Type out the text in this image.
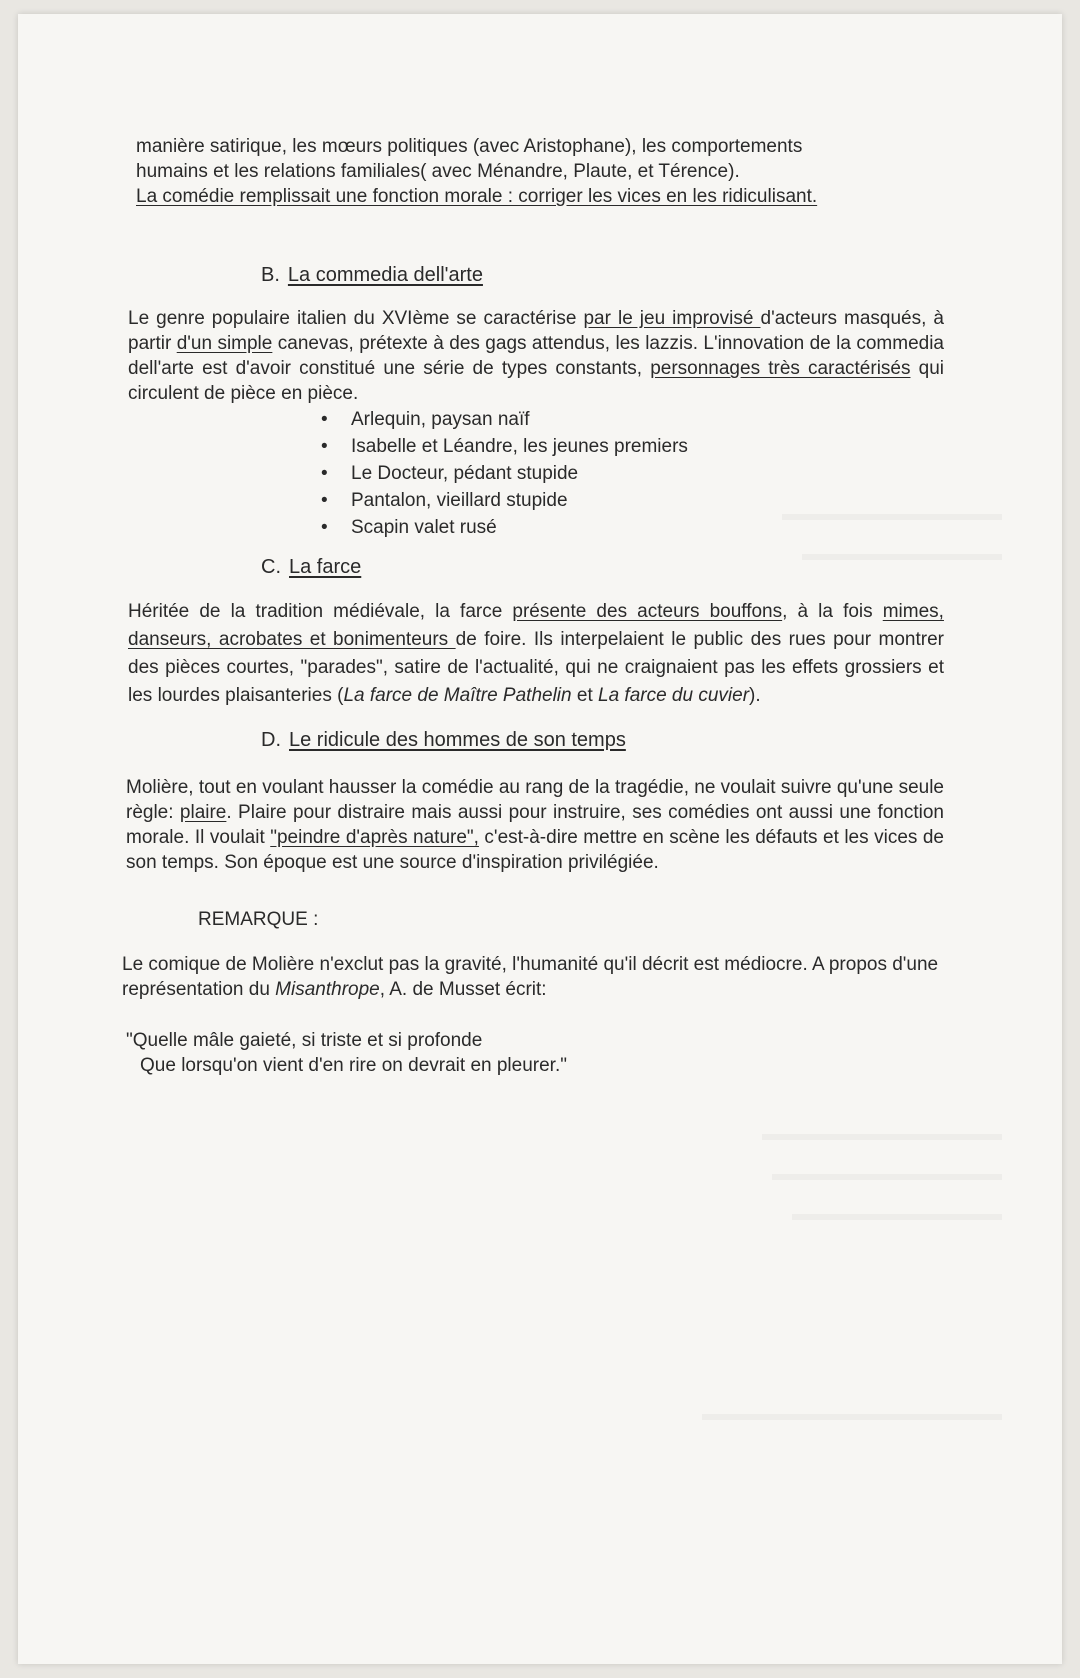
manière satirique, les mœurs politiques (avec Aristophane), les comportements

humains et les relations familiales( avec Ménandre, Plaute, et Térence).

La comédie remplissait une fonction morale : corriger les vices en les ridiculisant.

B. La commedia dell'arte

Le genre populaire italien du XVIème se caractérise par le jeu improvisé d'acteurs masqués, à partir d'un simple canevas, prétexte à des gags attendus, les lazzis. L'innovation de la commedia dell'arte est d'avoir constitué une série de types constants, personnages très caractérisés qui circulent de pièce en pièce.

• Arlequin, paysan naïf
• Isabelle et Léandre, les jeunes premiers
• Le Docteur, pédant stupide
• Pantalon, vieillard stupide
• Scapin valet rusé

C. La farce

Héritée de la tradition médiévale, la farce présente des acteurs bouffons, à la fois mimes, danseurs, acrobates et bonimenteurs de foire. Ils interpelaient le public des rues pour montrer des pièces courtes, "parades", satire de l'actualité, qui ne craignaient pas les effets grossiers et les lourdes plaisanteries (La farce de Maître Pathelin et La farce du cuvier).

D. Le ridicule des hommes de son temps

Molière, tout en voulant hausser la comédie au rang de la tragédie, ne voulait suivre qu'une seule règle: plaire. Plaire pour distraire mais aussi pour instruire, ses comédies ont aussi une fonction morale. Il voulait "peindre d'après nature", c'est-à-dire mettre en scène les défauts et les vices de son temps. Son époque est une source d'inspiration privilégiée.

REMARQUE :

Le comique de Molière n'exclut pas la gravité, l'humanité qu'il décrit est médiocre. A propos d'une représentation du Misanthrope, A. de Musset écrit:

"Quelle mâle gaieté, si triste et si profonde

Que lorsqu'on vient d'en rire on devrait en pleurer."
